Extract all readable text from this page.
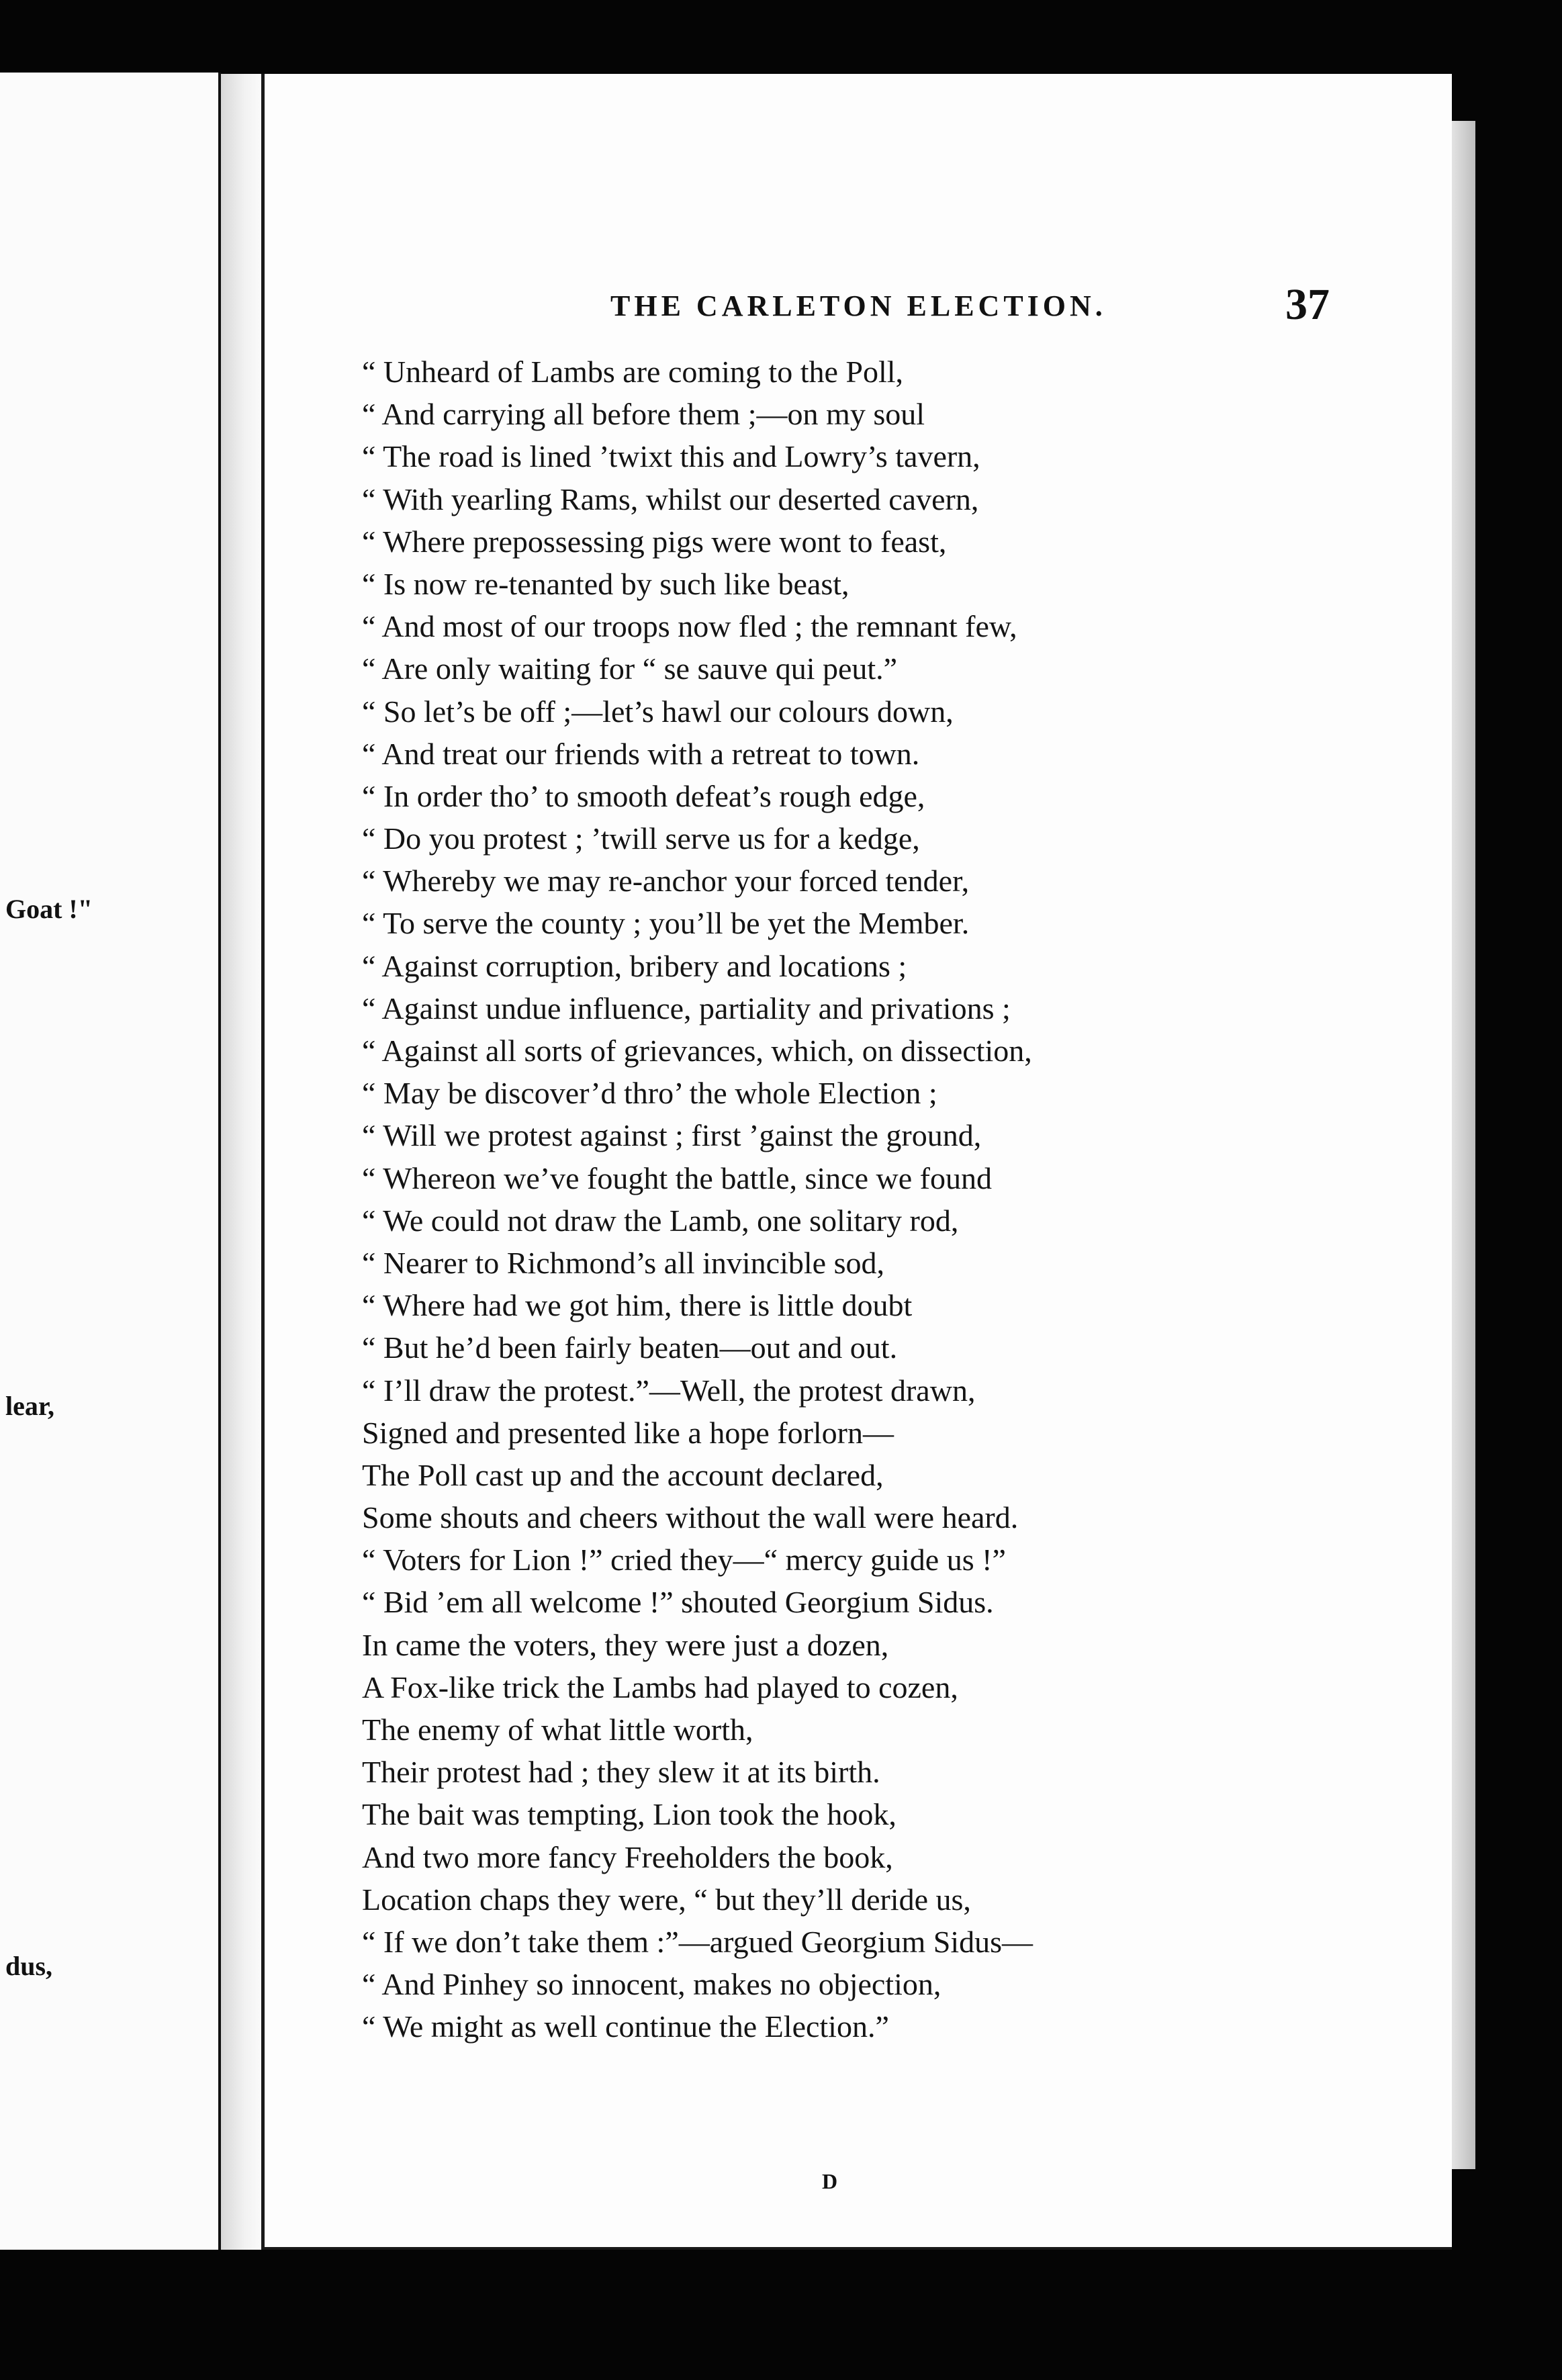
Goat !"
lear,
dus,
THE CARLETON ELECTION.	37
“ Unheard of Lambs are coming to the Poll,
“ And carrying all before them ;—on my soul
“ The road is lined ’twixt this and Lowry’s tavern,
“ With yearling Rams, whilst our deserted cavern,
“ Where prepossessing pigs were wont to feast,
“ Is now re-tenanted by such like beast,
“ And most of our troops now fled ; the remnant few,
“ Are only waiting for “ se sauve qui peut.”
“ So let’s be off ;—let’s hawl our colours down,
“ And treat our friends with a retreat to town.
“ In order tho’ to smooth defeat’s rough edge,
“ Do you protest ; ’twill serve us for a kedge,
“ Whereby we may re-anchor your forced tender,
“ To serve the county ; you’ll be yet the Member.
“ Against corruption, bribery and locations ;
“ Against undue influence, partiality and privations ;
“ Against all sorts of grievances, which, on dissection,
“ May be discover’d thro’ the whole Election ;
“ Will we protest against ; first ’gainst the ground,
“ Whereon we’ve fought the battle, since we found
“ We could not draw the Lamb, one solitary rod,
“ Nearer to Richmond’s all invincible sod,
“ Where had we got him, there is little doubt
“ But he’d been fairly beaten—out and out.
“ I’ll draw the protest.”—Well, the protest drawn,
Signed and presented like a hope forlorn—
The Poll cast up and the account declared,
Some shouts and cheers without the wall were heard.
“ Voters for Lion !” cried they—“ mercy guide us !”
“ Bid ’em all welcome !” shouted Georgium Sidus.
In came the voters, they were just a dozen,
A Fox-like trick the Lambs had played to cozen,
The enemy of what little worth,
Their protest had ; they slew it at its birth.
The bait was tempting, Lion took the hook,
And two more fancy Freeholders the book,
Location chaps they were, “ but they’ll deride us,
“ If we don’t take them :”—argued Georgium Sidus—
“ And Pinhey so innocent, makes no objection,
“ We might as well continue the Election.”
D
